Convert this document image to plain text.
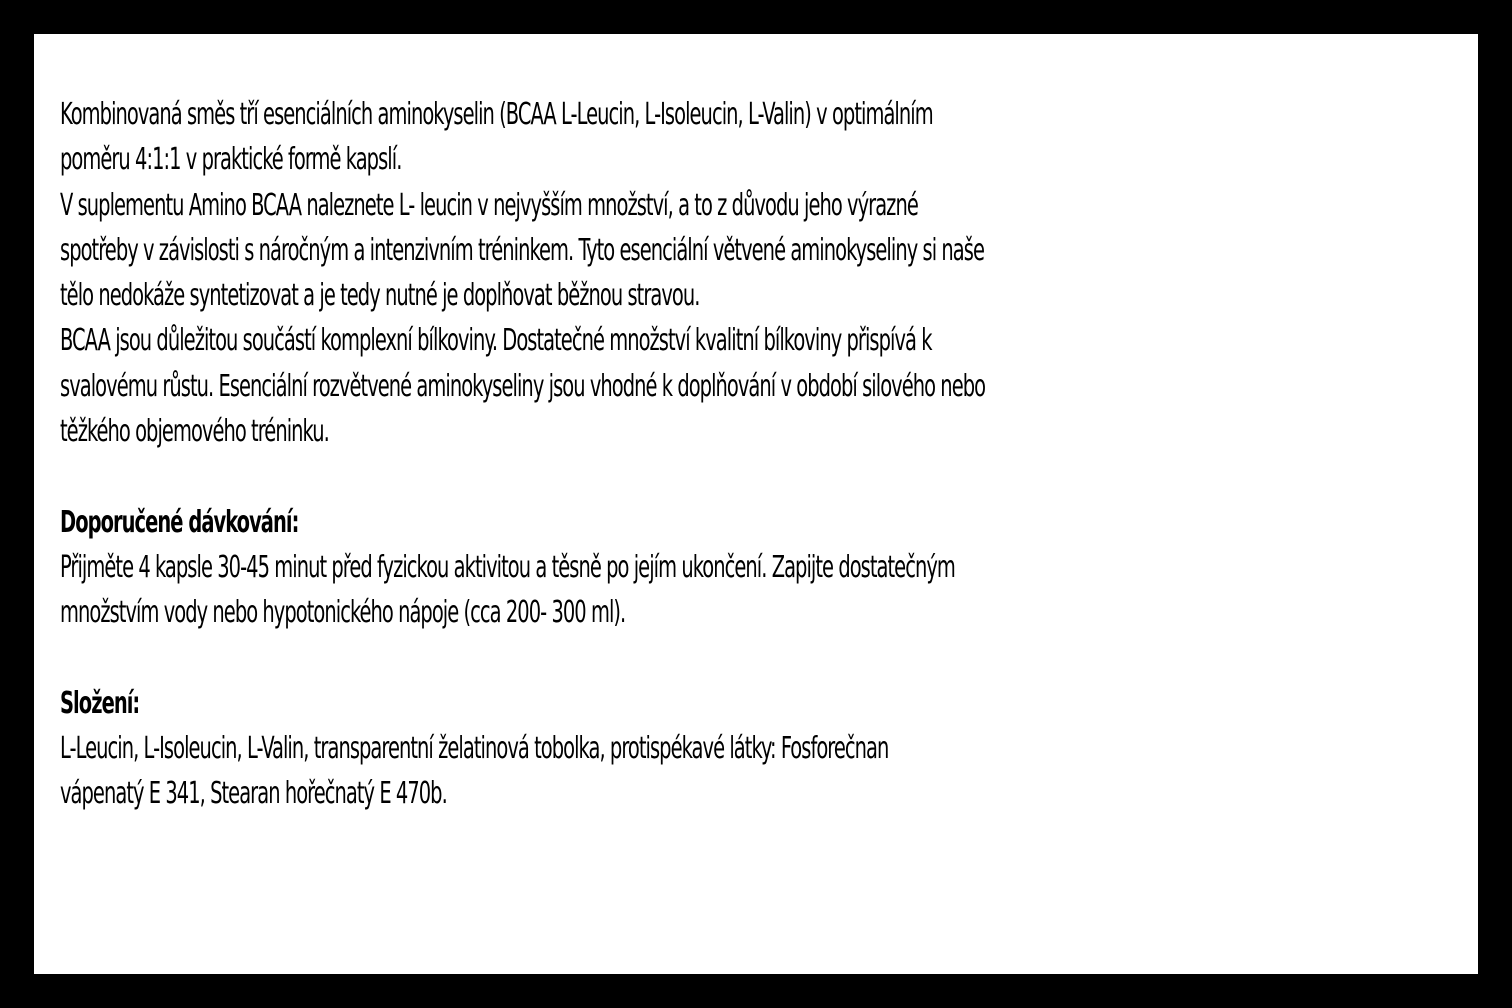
Kombinovaná směs tří esenciálních aminokyselin (BCAA L-Leucin, L-Isoleucin, L-Valin) v optimálním

poměru 4:1:1 v praktické formě kapslí.

V suplementu Amino BCAA naleznete L- leucin v nejvyšším množství, a to z důvodu jeho výrazné

spotřeby v závislosti s náročným a intenzivním tréninkem. Tyto esenciální větvené aminokyseliny si naše

tělo nedokáže syntetizovat a je tedy nutné je doplňovat běžnou stravou.

BCAA jsou důležitou součástí komplexní bílkoviny. Dostatečné množství kvalitní bílkoviny přispívá k

svalovému růstu. Esenciální rozvětvené aminokyseliny jsou vhodné k doplňování v období silového nebo

těžkého objemového tréninku.

Doporučené dávkování:

Přijměte 4 kapsle 30-45 minut před fyzickou aktivitou a těsně po jejím ukončení. Zapijte dostatečným

množstvím vody nebo hypotonického nápoje (cca 200- 300 ml).

Složení:

L-Leucin, L-Isoleucin, L-Valin, transparentní želatinová tobolka, protispékavé látky: Fosforečnan

vápenatý E 341, Stearan hořečnatý E 470b.
